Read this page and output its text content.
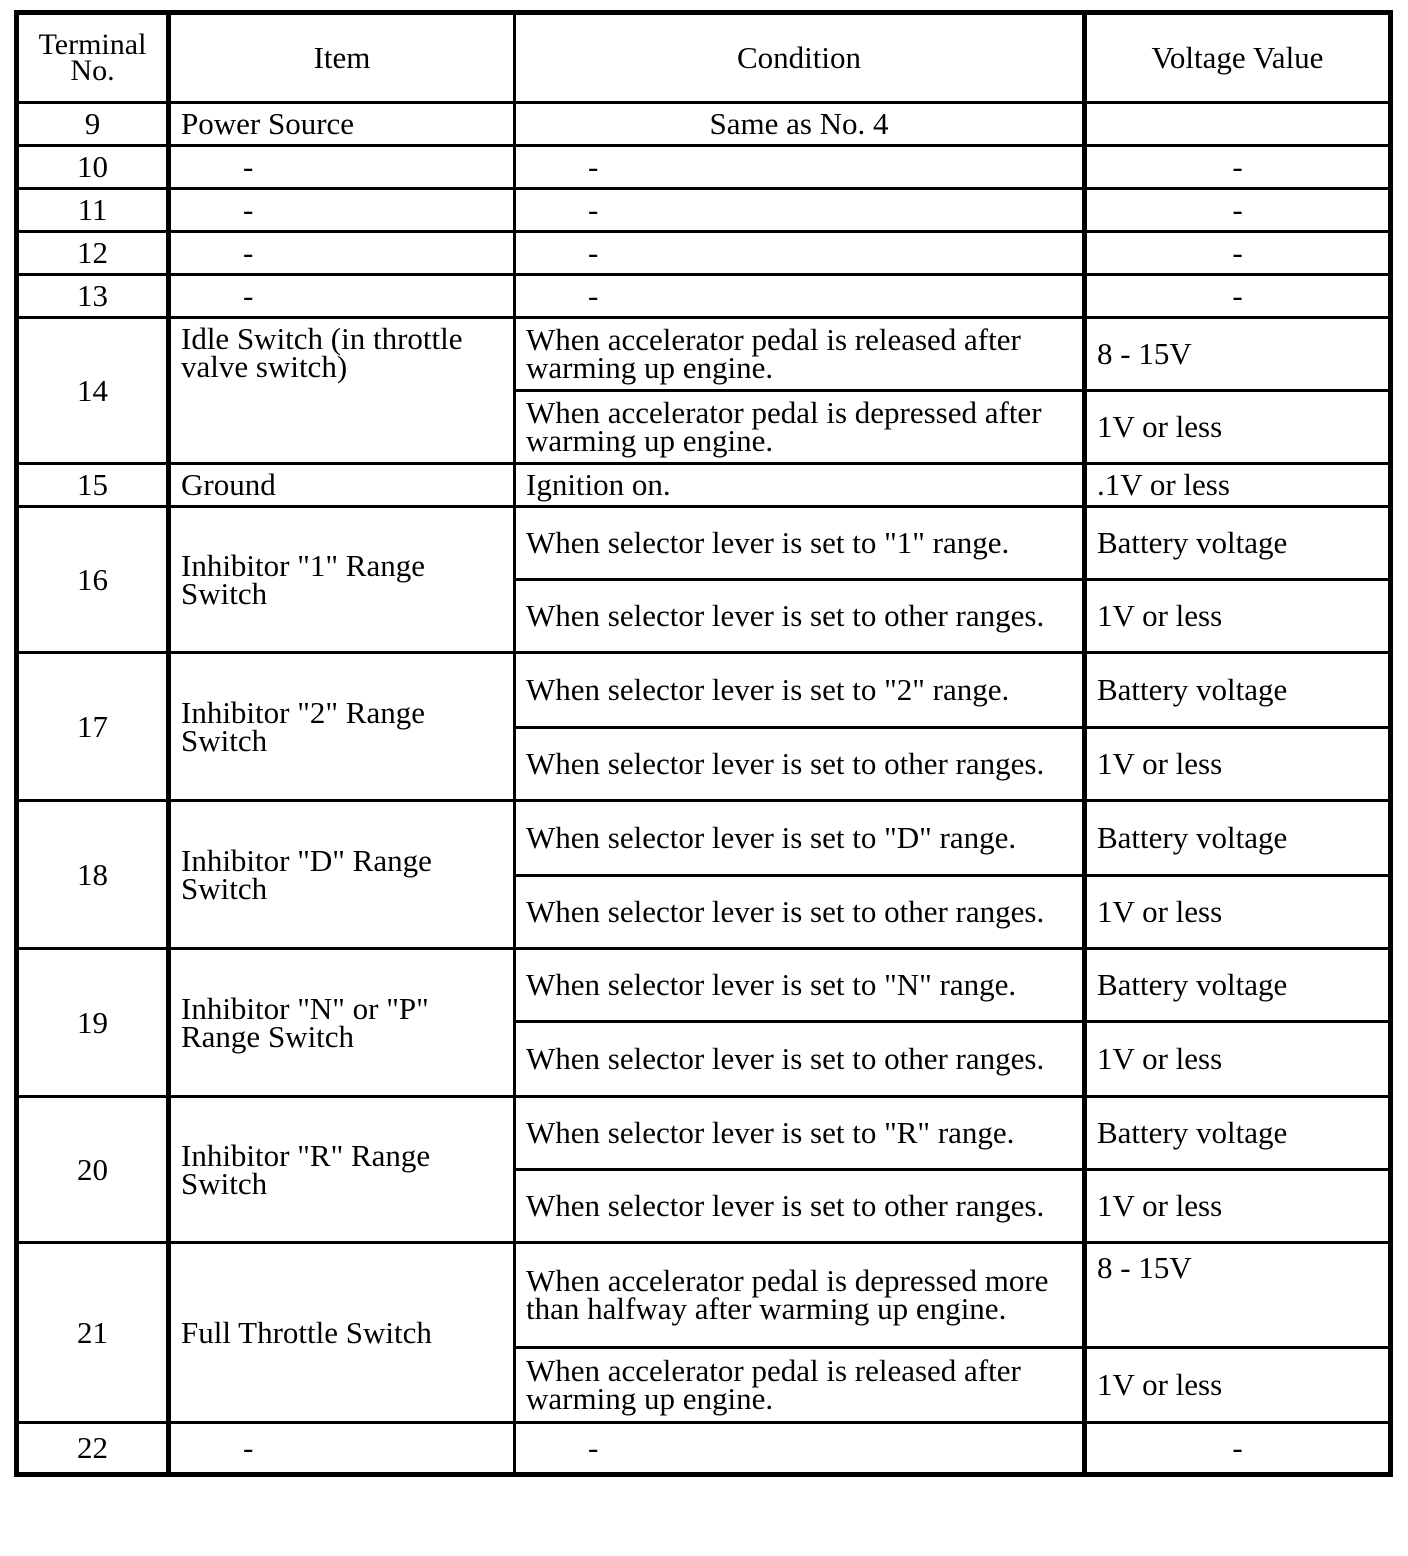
Terminal No.	Item	Condition	Voltage Value
9	Power Source	Same as No. 4	
10	-	-	-
11	-	-	-
12	-	-	-
13	-	-	-
14	Idle Switch (in throttle valve switch)	When accelerator pedal is released after warming up engine.	8 - 15V
		When accelerator pedal is depressed after warming up engine.	1V or less
15	Ground	Ignition on.	.1V or less
16	Inhibitor "1" Range Switch	When selector lever is set to "1" range.	Battery voltage
		When selector lever is set to other ranges.	1V or less
17	Inhibitor "2" Range Switch	When selector lever is set to "2" range.	Battery voltage
		When selector lever is set to other ranges.	1V or less
18	Inhibitor "D" Range Switch	When selector lever is set to "D" range.	Battery voltage
		When selector lever is set to other ranges.	1V or less
19	Inhibitor "N" or "P" Range Switch	When selector lever is set to "N" range.	Battery voltage
		When selector lever is set to other ranges.	1V or less
20	Inhibitor "R" Range Switch	When selector lever is set to "R" range.	Battery voltage
		When selector lever is set to other ranges.	1V or less
21	Full Throttle Switch	When accelerator pedal is depressed more than halfway after warming up engine.	8 - 15V
		When accelerator pedal is released after warming up engine.	1V or less
22	-	-	-
